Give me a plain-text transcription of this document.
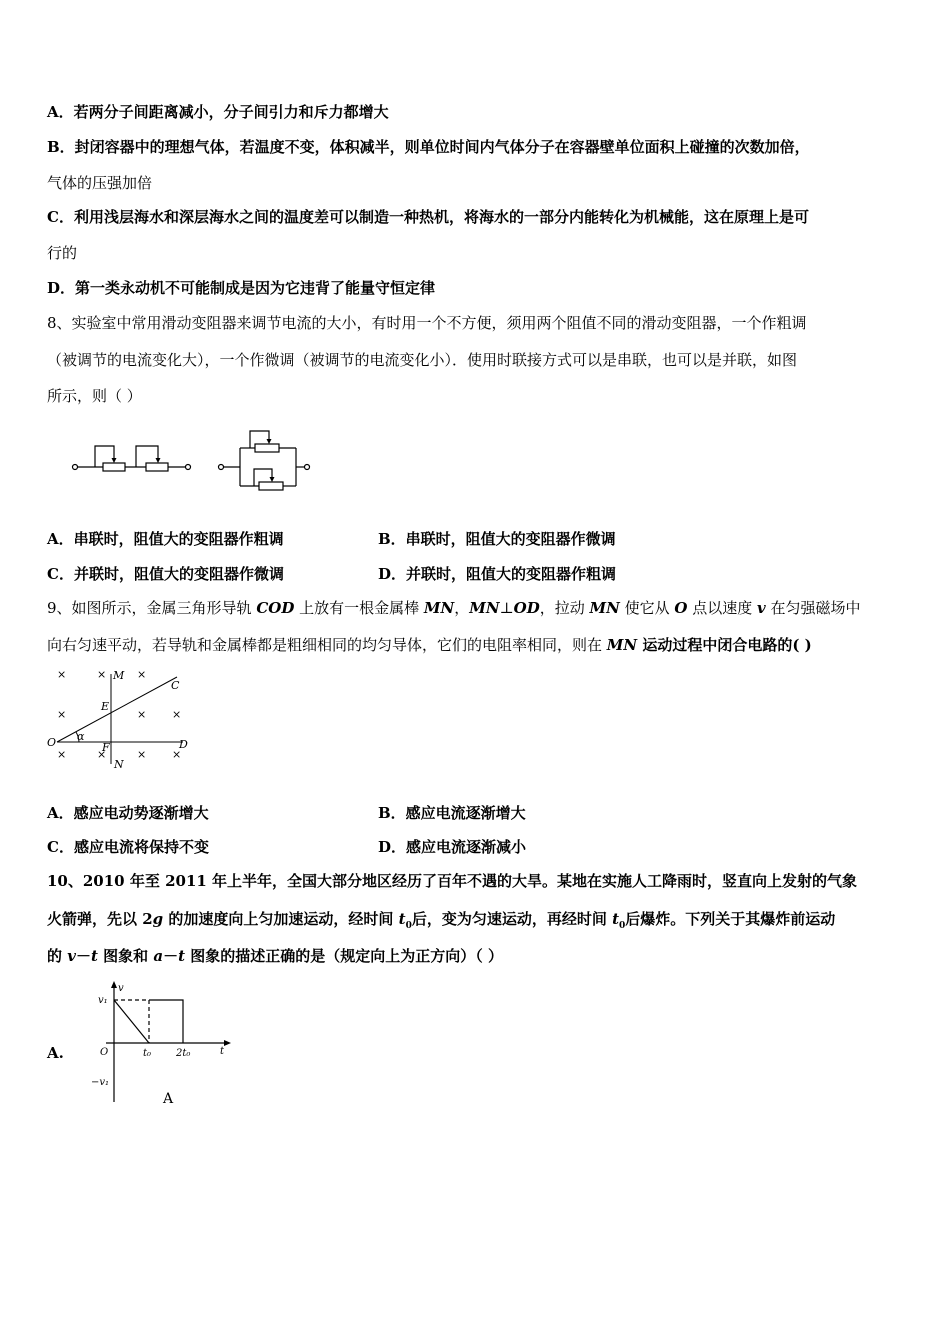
A．若两分子间距离减小，分子间引力和斥力都增大
B．封闭容器中的理想气体，若温度不变，体积减半，则单位时间内气体分子在容器壁单位面积上碰撞的次数加倍，
气体的压强加倍
C．利用浅层海水和深层海水之间的温度差可以制造一种热机，将海水的一部分内能转化为机械能，这在原理上是可
行的
D．第一类永动机不可能制成是因为它违背了能量守恒定律
8、实验室中常用滑动变阻器来调节电流的大小，有时用一个不方便，须用两个阻值不同的滑动变阻器，一个作粗调
（被调节的电流变化大），一个作微调（被调节的电流变化小）．使用时联接方式可以是串联，也可以是并联，如图
所示，则（ ）
A．串联时，阻值大的变阻器作粗调	B．串联时，阻值大的变阻器作微调
C．并联时，阻值大的变阻器作微调	D．并联时，阻值大的变阻器作粗调
9、如图所示，金属三角形导轨 COD 上放有一根金属棒 MN，MN⊥OD，拉动 MN 使它从 O 点以速度 v 在匀强磁场中
向右匀速平动，若导轨和金属棒都是粗细相同的均匀导体，它们的电阻率相同，则在 MN 运动过程中闭合电路的( )
×	×	×
×	× ×
×	×	× ×
M
C
E
O α
F	D
N
A．感应电动势逐渐增大	B．感应电流逐渐增大
C．感应电流将保持不变	D．感应电流逐渐减小
10、2010 年至 2011 年上半年，全国大部分地区经历了百年不遇的大旱。某地在实施人工降雨时，竖直向上发射的气象
火箭弹，先以 2g 的加速度向上匀加速运动，经时间 $t_0$后，变为匀速运动，再经时间 $t_0$后爆炸。下列关于其爆炸前运动
的 v－t 图象和 a－t 图象的描述正确的是（规定向上为正方向）（ ）
A.
v
t
v₁
−v₁
O	t₀ 2t₀
A
